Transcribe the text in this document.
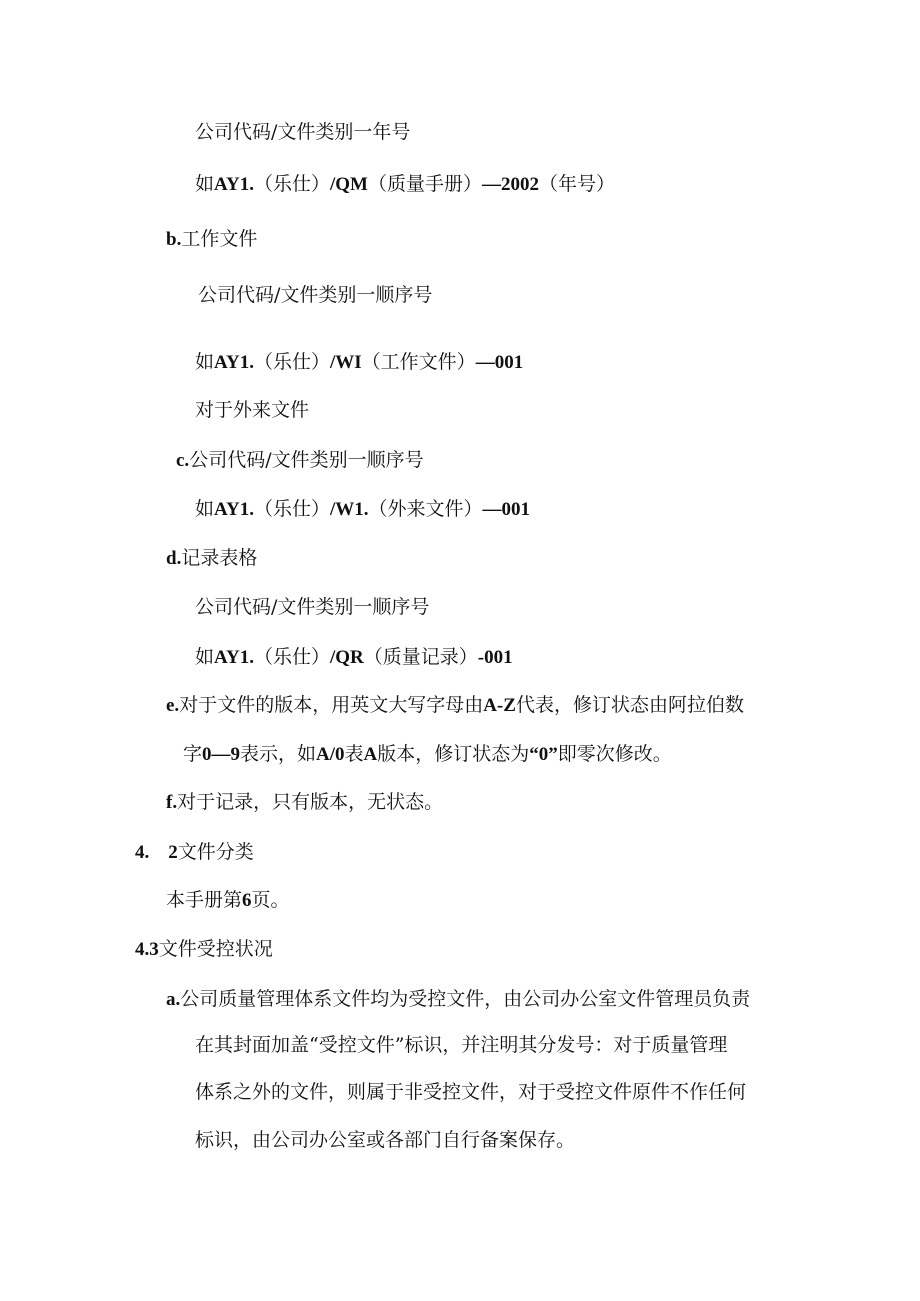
公司代码/文件类别一年号
如AY1.（乐仕）/QM（质量手册）—2002（年号）
b.工作文件
公司代码/文件类别一顺序号
如AY1.（乐仕）/WI（工作文件）—001
对于外来文件
c.公司代码/文件类别一顺序号
如AY1.（乐仕）/W1.（外来文件）—001
d.记录表格
公司代码/文件类别一顺序号
如AY1.（乐仕）/QR（质量记录）-001
e.对于文件的版本，用英文大写字母由A-Z代表，修订状态由阿拉伯数
字0—9表示，如A/0表A版本，修订状态为“0”即零次修改。
f.对于记录，只有版本，无状态。
4.　2文件分类
本手册第6页。
4.3文件受控状况
a.公司质量管理体系文件均为受控文件，由公司办公室文件管理员负责
在其封面加盖“受控文件”标识，并注明其分发号：对于质量管理
体系之外的文件，则属于非受控文件，对于受控文件原件不作任何
标识，由公司办公室或各部门自行备案保存。
